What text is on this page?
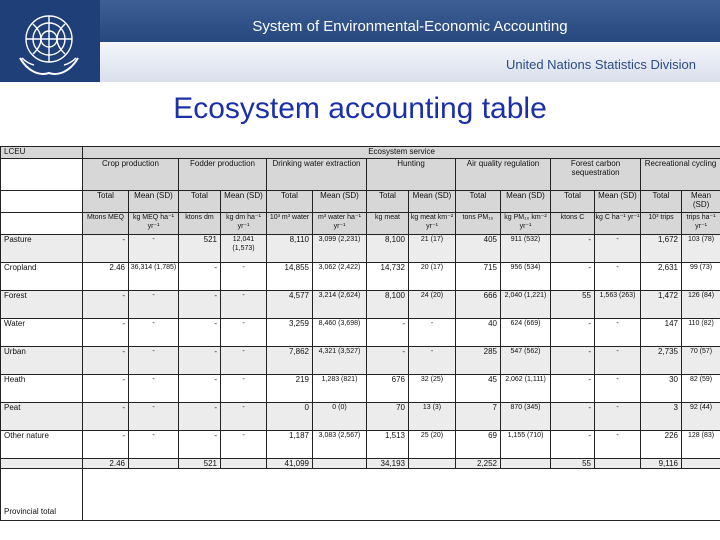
System of Environmental-Economic Accounting
United Nations Statistics Division
Ecosystem accounting table
LCEU	Ecosystem service													
	Crop production		Fodder production		Drinking water extraction		Hunting		Air quality regulation		Forest carbon sequestration		Recreational cycling	
	Total	Mean (SD)	Total	Mean (SD)	Total	Mean (SD)	Total	Mean (SD)	Total	Mean (SD)	Total	Mean (SD)	Total	Mean (SD)
	Mtons MEQ	kg MEQ ha⁻¹ yr⁻¹	ktons dm	kg dm ha⁻¹ yr⁻¹	10³ m³ water	m³ water ha⁻¹ yr⁻¹	kg meat	kg meat km⁻² yr⁻¹	tons PM₁₀	kg PM₁₀ km⁻² yr⁻¹	ktons C	kg C ha⁻¹ yr⁻¹	10³ trips	trips ha⁻¹ yr⁻¹
Pasture	-	-	521	12,041 (1,573)	8,110	3,099 (2,231)	8,100	21 (17)	405	911 (532)	-	-	1,672	103 (78)
Cropland	2.46	36,314 (1,785)	-	-	14,855	3,062 (2,422)	14,732	20 (17)	715	956 (534)	-	-	2,631	99 (73)
Forest	-	-	-	-	4,577	3,214 (2,624)	8,100	24 (20)	666	2,040 (1,221)	55	1,563 (263)	1,472	126 (84)
Water	-	-	-	-	3,259	8,460 (3,698)	-	-	40	624 (669)	-	-	147	110 (82)
Urban	-	-	-	-	7,862	4,321 (3,527)	-	-	285	547 (562)	-	-	2,735	70 (57)
Heath	-	-	-	-	219	1,283 (821)	676	32 (25)	45	2,062 (1,111)	-	-	30	82 (59)
Peat	-	-	-	-	0	0 (0)	70	13 (3)	7	870 (345)	-	-	3	92 (44)
Other nature	-	-	-	-	1,187	3,083 (2,567)	1,513	25 (20)	69	1,155 (710)	-	-	226	128 (83)
	2.46		521		41,099		34,193		2,252		55		9,116	
Provincial total														
